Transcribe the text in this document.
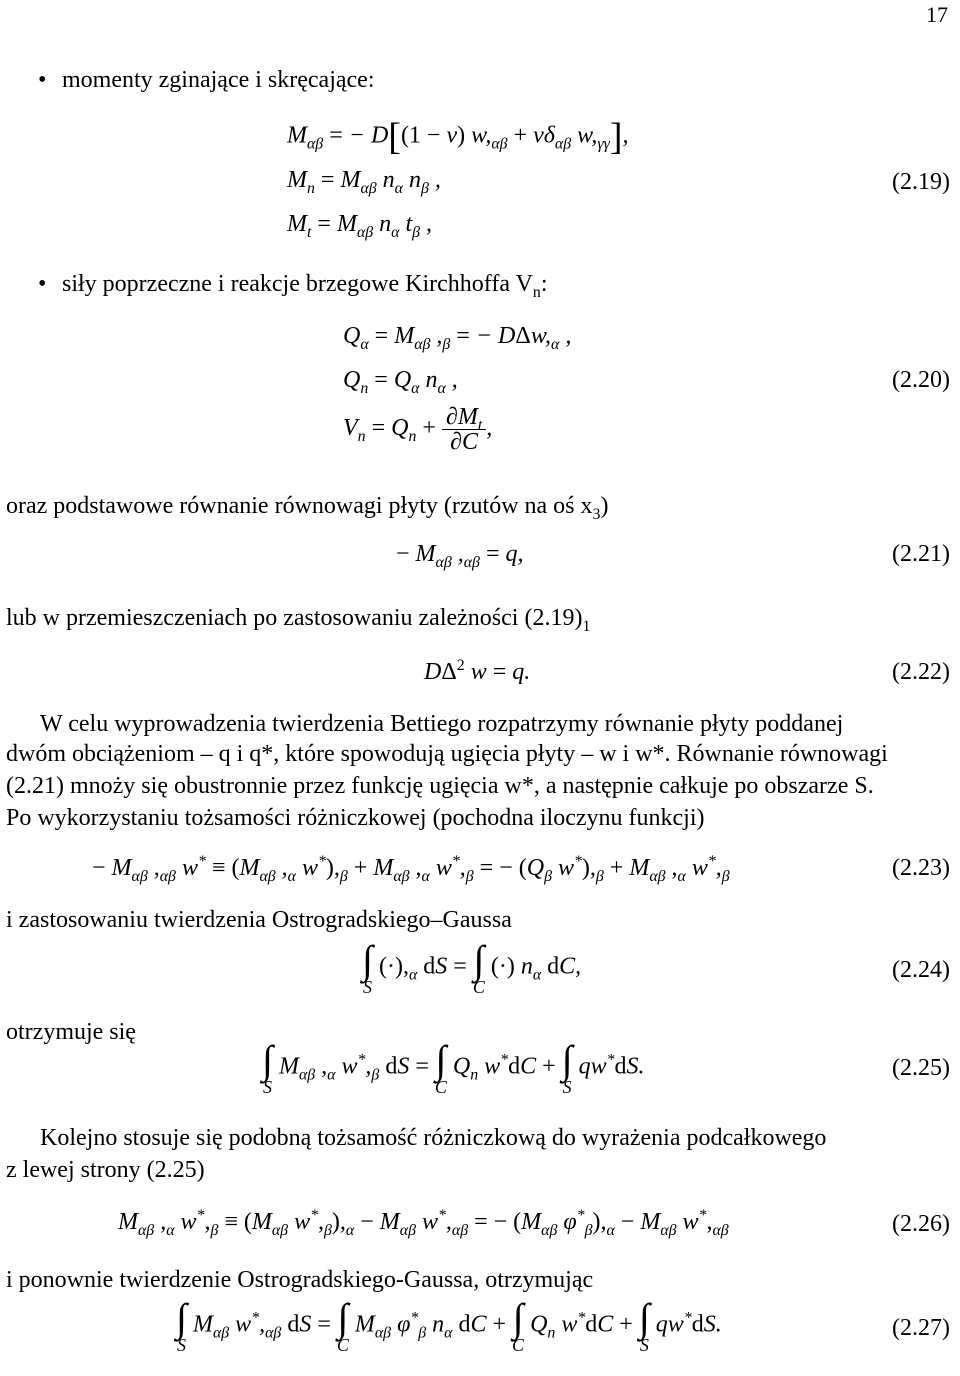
17
• momenty zginające i skręcające:
$M_{\alpha\beta}$ = − D[(1 − ν) $w,_{\alpha\beta} + \nu\delta_{\alpha\beta}$ $w,_{\gamma\gamma}$],
$M_n = M_{\alpha\beta}$ $n_\alpha$ $n_\beta$ ,
$M_t = M_{\alpha\beta}$ $n_\alpha$ $t_\beta$ ,
(2.19)
• siły poprzeczne i reakcje brzegowe Kirchhoffa $V_n$:
$Q_\alpha = M_{\alpha\beta}$ $,_\beta$ = − $D\Delta w,_\alpha$ ,
$Q_n = Q_\alpha$ $n_\alpha$ ,	(2.20)
$V_n = Q_n + \frac{\partial M_t}{\partial C}$ ,
oraz podstawowe równanie równowagi płyty (rzutów na oś $x_3$)
− $M_{\alpha\beta}$ $,_{\alpha\beta} = q$,	(2.21)
lub w przemieszczeniach po zastosowaniu zależności $(2.19)_1$
$D\Delta^2$ w = q.	(2.22)
W celu wyprowadzenia twierdzenia Bettiego rozpatrzymy równanie płyty poddanej
dwóm obciążeniom – q i q*, które spowodują ugięcia płyty – w i w*. Równanie równowagi
(2.21) mnoży się obustronnie przez funkcję ugięcia w*, a następnie całkuje po obszarze S.
Po wykorzystaniu tożsamości różniczkowej (pochodna iloczynu funkcji)
− $M_{\alpha\beta}$ $,_{\alpha\beta}$ $w^* \equiv (M_{\alpha\beta}$ $,_\alpha$ $w^*),_\beta + M_{\alpha\beta}$ $,_\alpha$ $w^*,_\beta$ = − ($Q_\beta$ $w^*),_\beta + M_{\alpha\beta}$ $,_\alpha$ $w^*,_\beta$	(2.23)
i zastosowaniu twierdzenia Ostrogradskiego–Gaussa
∫
S
$(\cdot),_\alpha$ dS = ∫
C
(·) $n_\alpha$ dC,	(2.24)
otrzymuje się
∫
S
$M_{\alpha\beta}$ $,_\alpha$ $w^*,_\beta$ dS = ∫
C
$Q_n$ w*dC + ∫
S
qw*dS.	(2.25)
Kolejno stosuje się podobną tożsamość różniczkową do wyrażenia podcałkowego
z lewej strony (2.25)
$M_{\alpha\beta}$ $,_\alpha$ $w^*,_\beta \equiv (M_{\alpha\beta}$ $w^*,_\beta),_\alpha - M_{\alpha\beta}$ $w^*,_{\alpha\beta}$ = − ($M_{\alpha\beta}$ $\varphi^*_\beta),_\alpha - M_{\alpha\beta}$ $w^*,_{\alpha\beta}$	(2.26)
i ponownie twierdzenie Ostrogradskiego-Gaussa, otrzymując
∫
S
$M_{\alpha\beta}$ $w^*,_{\alpha\beta}$ dS = ∫
C
$M_{\alpha\beta}$ $\varphi^*_\beta$ $n_\alpha$ dC + ∫
C
$Q_n$ w*dC + ∫
S
qw*dS.	(2.27)
